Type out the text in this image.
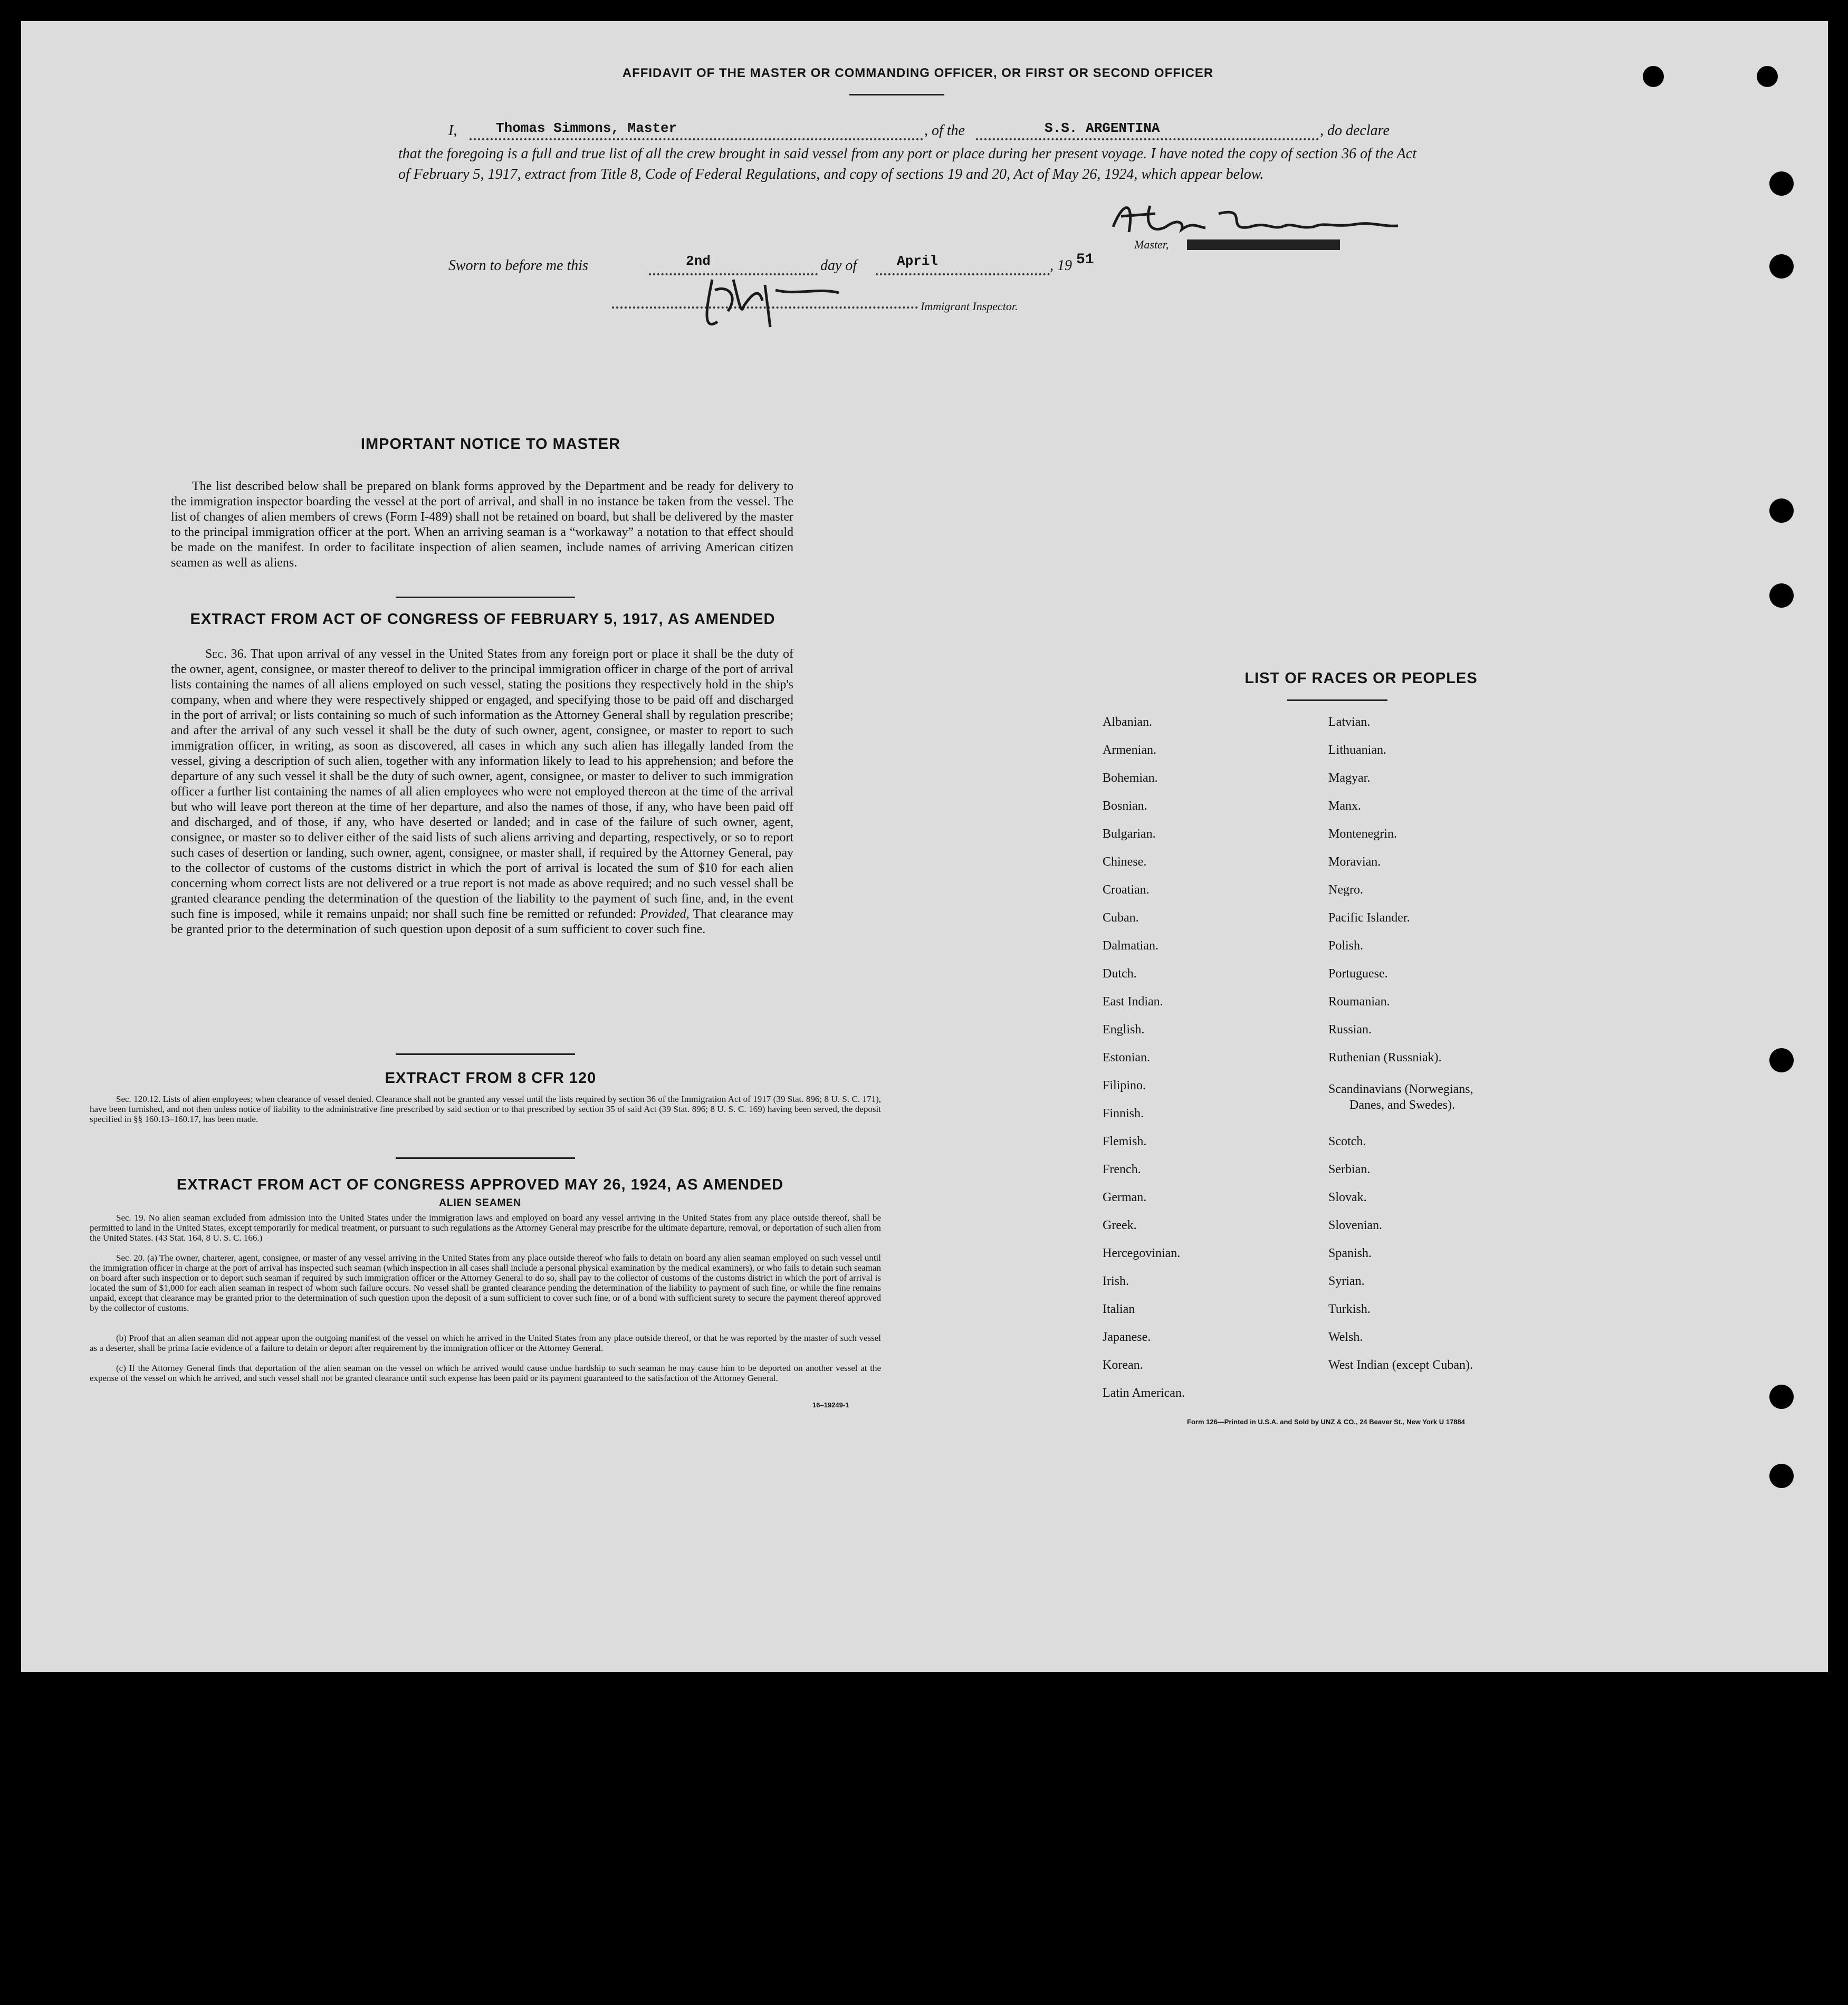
AFFIDAVIT OF THE MASTER OR COMMANDING OFFICER, OR FIRST OR SECOND OFFICER
I,	Thomas Simmons, Master	, of the	S.S. ARGENTINA	, do declare
that the foregoing is a full and true list of all the crew brought in said vessel from any port or place during her present voyage. I have noted the copy of section 36 of the Act of February 5, 1917, extract from Title 8, Code of Federal Regulations, and copy of sections 19 and 20, Act of May 26, 1924, which appear below.
Master,
Sworn to before me this	2nd	day of	April	, 19 51
Immigrant Inspector.
IMPORTANT NOTICE TO MASTER
The list described below shall be prepared on blank forms approved by the Department and be ready for delivery to the immigration inspector boarding the vessel at the port of arrival, and shall in no instance be taken from the vessel. The list of changes of alien members of crews (Form I-489) shall not be retained on board, but shall be delivered by the master to the principal immigration officer at the port. When an arriving seaman is a “workaway” a notation to that effect should be made on the manifest. In order to facilitate inspection of alien seamen, include names of arriving American citizen seamen as well as aliens.
EXTRACT FROM ACT OF CONGRESS OF FEBRUARY 5, 1917, AS AMENDED
Sec. 36. That upon arrival of any vessel in the United States from any foreign port or place it shall be the duty of the owner, agent, consignee, or master thereof to deliver to the principal immigration officer in charge of the port of arrival lists containing the names of all aliens employed on such vessel, stating the positions they respectively hold in the ship's company, when and where they were respectively shipped or engaged, and specifying those to be paid off and discharged in the port of arrival; or lists containing so much of such information as the Attorney General shall by regulation prescribe; and after the arrival of any such vessel it shall be the duty of such owner, agent, consignee, or master to report to such immigration officer, in writing, as soon as discovered, all cases in which any such alien has illegally landed from the vessel, giving a description of such alien, together with any information likely to lead to his apprehension; and before the departure of any such vessel it shall be the duty of such owner, agent, consignee, or master to deliver to such immigration officer a further list containing the names of all alien employees who were not employed thereon at the time of the arrival but who will leave port thereon at the time of her departure, and also the names of those, if any, who have been paid off and discharged, and of those, if any, who have deserted or landed; and in case of the failure of such owner, agent, consignee, or master so to deliver either of the said lists of such aliens arriving and departing, respectively, or so to report such cases of desertion or landing, such owner, agent, consignee, or master shall, if required by the Attorney General, pay to the collector of customs of the customs district in which the port of arrival is located the sum of $10 for each alien concerning whom correct lists are not delivered or a true report is not made as above required; and no such vessel shall be granted clearance pending the determination of the question of the liability to the payment of such fine, and, in the event such fine is imposed, while it remains unpaid; nor shall such fine be remitted or refunded: Provided, That clearance may be granted prior to the determination of such question upon deposit of a sum sufficient to cover such fine.
EXTRACT FROM 8 CFR 120
Sec. 120.12. Lists of alien employees; when clearance of vessel denied. Clearance shall not be granted any vessel until the lists required by section 36 of the Immigration Act of 1917 (39 Stat. 896; 8 U. S. C. 171), have been furnished, and not then unless notice of liability to the administrative fine prescribed by said section or to that prescribed by section 35 of said Act (39 Stat. 896; 8 U. S. C. 169) having been served, the deposit specified in §§ 160.13–160.17, has been made.
EXTRACT FROM ACT OF CONGRESS APPROVED MAY 26, 1924, AS AMENDED
ALIEN SEAMEN
Sec. 19. No alien seaman excluded from admission into the United States under the immigration laws and employed on board any vessel arriving in the United States from any place outside thereof, shall be permitted to land in the United States, except temporarily for medical treatment, or pursuant to such regulations as the Attorney General may prescribe for the ultimate departure, removal, or deportation of such alien from the United States. (43 Stat. 164, 8 U. S. C. 166.)
Sec. 20. (a) The owner, charterer, agent, consignee, or master of any vessel arriving in the United States from any place outside thereof who fails to detain on board any alien seaman employed on such vessel until the immigration officer in charge at the port of arrival has inspected such seaman (which inspection in all cases shall include a personal physical examination by the medical examiners), or who fails to detain such seaman on board after such inspection or to deport such seaman if required by such immigration officer or the Attorney General to do so, shall pay to the collector of customs of the customs district in which the port of arrival is located the sum of $1,000 for each alien seaman in respect of whom such failure occurs. No vessel shall be granted clearance pending the determination of the liability to payment of such fine, or while the fine remains unpaid, except that clearance may be granted prior to the determination of such question upon the deposit of a sum sufficient to cover such fine, or of a bond with sufficient surety to secure the payment thereof approved by the collector of customs.
(b) Proof that an alien seaman did not appear upon the outgoing manifest of the vessel on which he arrived in the United States from any place outside thereof, or that he was reported by the master of such vessel as a deserter, shall be prima facie evidence of a failure to detain or deport after requirement by the immigration officer or the Attorney General.
(c) If the Attorney General finds that deportation of the alien seaman on the vessel on which he arrived would cause undue hardship to such seaman he may cause him to be deported on another vessel at the expense of the vessel on which he arrived, and such vessel shall not be granted clearance until such expense has been paid or its payment guaranteed to the satisfaction of the Attorney General.
16–19249-1
LIST OF RACES OR PEOPLES
Albanian.
Armenian.
Bohemian.
Bosnian.
Bulgarian.
Chinese.
Croatian.
Cuban.
Dalmatian.
Dutch.
East Indian.
English.
Estonian.
Filipino.
Finnish.
Flemish.
French.
German.
Greek.
Hercegovinian.
Irish.
Italian
Japanese.
Korean.
Latin American.
Latvian.
Lithuanian.
Magyar.
Manx.
Montenegrin.
Moravian.
Negro.
Pacific Islander.
Polish.
Portuguese.
Roumanian.
Russian.
Ruthenian (Russniak).
Scandinavians (Norwegians,
Danes, and Swedes).
Scotch.
Serbian.
Slovak.
Slovenian.
Spanish.
Syrian.
Turkish.
Welsh.
West Indian (except Cuban).
Form 126—Printed in U.S.A. and Sold by UNZ & CO., 24 Beaver St., New York U 17884
